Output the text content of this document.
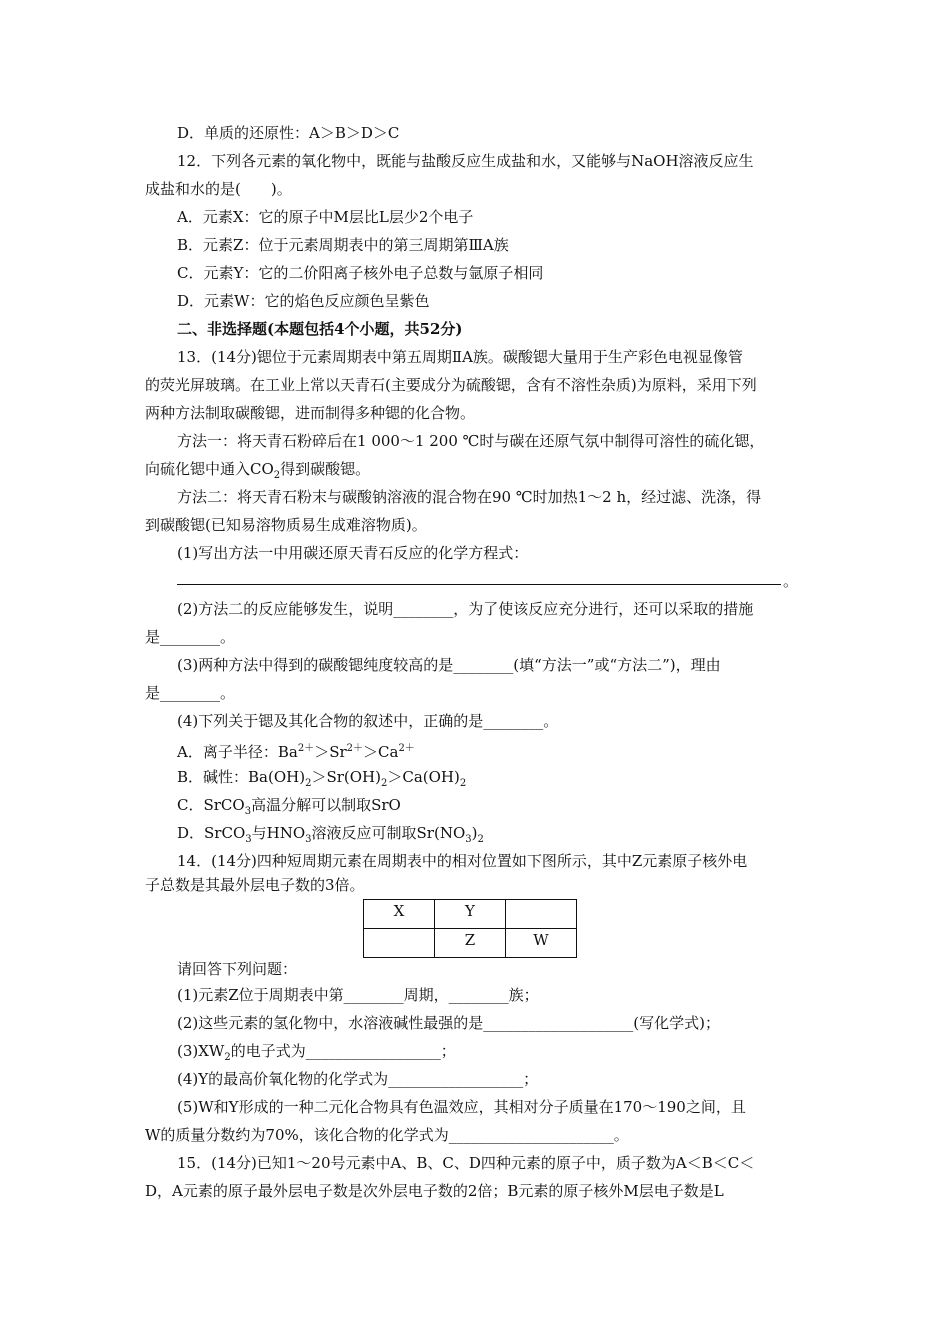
D．单质的还原性：A＞B＞D＞C
12．下列各元素的氧化物中，既能与盐酸反应生成盐和水，又能够与NaOH溶液反应生
成盐和水的是(　　)。
A．元素X：它的原子中M层比L层少2个电子
B．元素Z：位于元素周期表中的第三周期第ⅢA族
C．元素Y：它的二价阳离子核外电子总数与氩原子相同
D．元素W：它的焰色反应颜色呈紫色
二、非选择题(本题包括4个小题，共52分)
13．(14分)锶位于元素周期表中第五周期ⅡA族。碳酸锶大量用于生产彩色电视显像管
的荧光屏玻璃。在工业上常以天青石(主要成分为硫酸锶，含有不溶性杂质)为原料，采用下列
两种方法制取碳酸锶，进而制得多种锶的化合物。
方法一：将天青石粉碎后在1 000～1 200 ℃时与碳在还原气氛中制得可溶性的硫化锶，
向硫化锶中通入$CO_2$得到碳酸锶。
方法二：将天青石粉末与碳酸钠溶液的混合物在90 ℃时加热1～2 h，经过滤、洗涤，得
到碳酸锶(已知易溶物质易生成难溶物质)。
(1)写出方法一中用碳还原天青石反应的化学方程式：
。
(2)方法二的反应能够发生，说明________，为了使该反应充分进行，还可以采取的措施
是________。
(3)两种方法中得到的碳酸锶纯度较高的是________(填“方法一”或“方法二”)，理由
是________。
(4)下列关于锶及其化合物的叙述中，正确的是________。
A．离子半径：$Ba^{2+}>Sr^{2+}>Ca^{2+}$
B．碱性：$Ba(OH)_2>Sr(OH)_2>Ca(OH)_2$
C．SrCO$_3$高温分解可以制取SrO
D．SrCO$_3$与$HNO_3$溶液反应可制取$Sr(NO_3)_2$
14．(14分)四种短周期元素在周期表中的相对位置如下图所示，其中Z元素原子核外电
子总数是其最外层电子数的3倍。
X	Y	
	Z	W
请回答下列问题：
(1)元素Z位于周期表中第________周期，________族；
(2)这些元素的氢化物中，水溶液碱性最强的是____________________(写化学式)；
$(3)XW_2$的电子式为__________________；
(4)Y的最高价氧化物的化学式为__________________；
(5)W和Y形成的一种二元化合物具有色温效应，其相对分子质量在170～190之间，且
W的质量分数约为70%，该化合物的化学式为______________________。
15．(14分)已知1～20号元素中A、B、C、D四种元素的原子中，质子数为A＜B＜C＜
D，A元素的原子最外层电子数是次外层电子数的2倍；B元素的原子核外M层电子数是L
